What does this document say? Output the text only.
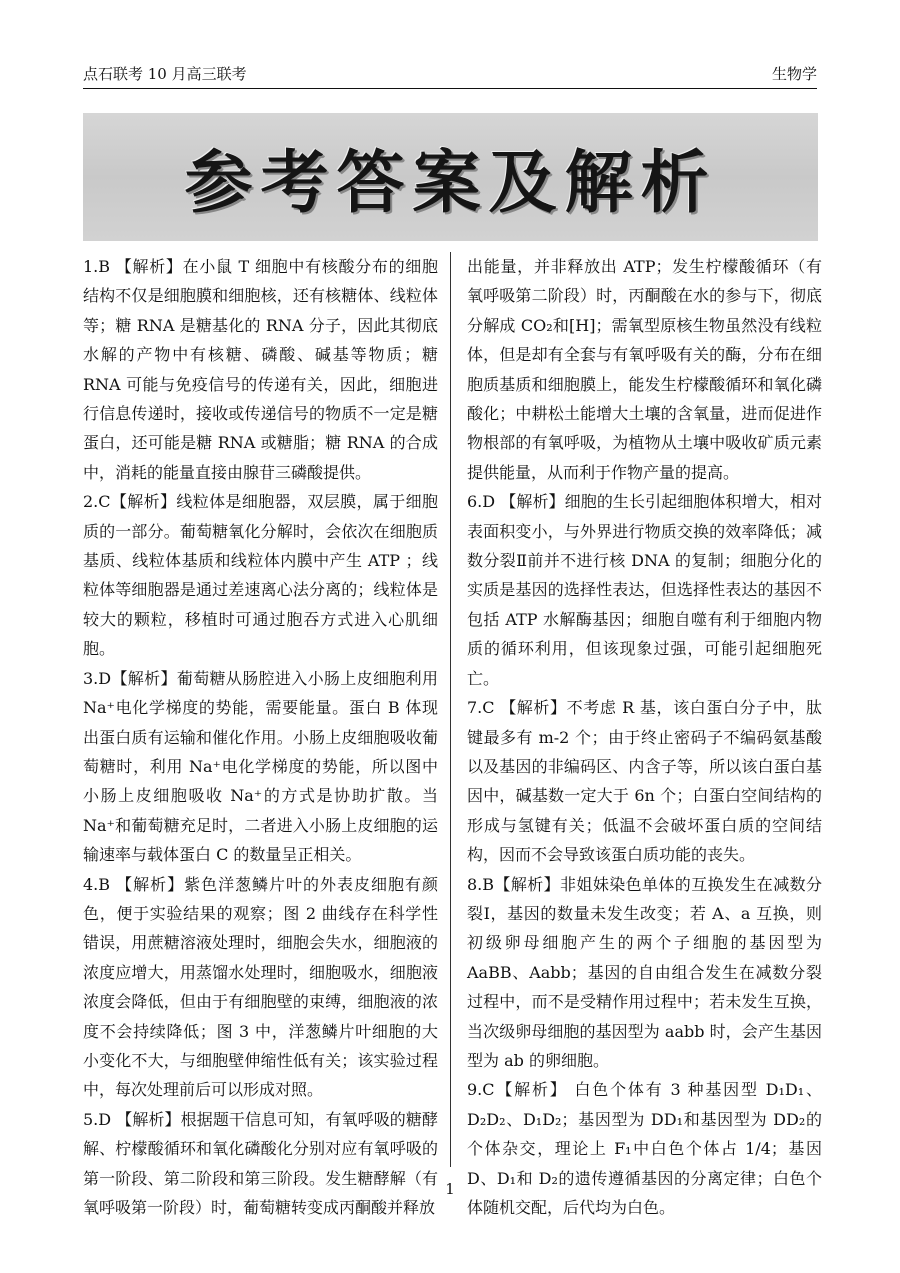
点石联考 10 月高三联考	生物学
参考答案及解析

1.B 【解析】在小鼠 T 细胞中有核酸分布的细胞结构不仅是细胞膜和细胞核，还有核糖体、线粒体等；糖 RNA 是糖基化的 RNA 分子，因此其彻底水解的产物中有核糖、磷酸、碱基等物质；糖 RNA 可能与免疫信号的传递有关，因此，细胞进行信息传递时，接收或传递信号的物质不一定是糖蛋白，还可能是糖 RNA 或糖脂；糖 RNA 的合成中，消耗的能量直接由腺苷三磷酸提供。

2.C【解析】线粒体是细胞器，双层膜，属于细胞质的一部分。葡萄糖氧化分解时，会依次在细胞质基质、线粒体基质和线粒体内膜中产生 ATP ；线粒体等细胞器是通过差速离心法分离的；线粒体是较大的颗粒，移植时可通过胞吞方式进入心肌细胞。

3.D【解析】葡萄糖从肠腔进入小肠上皮细胞利用 Na⁺电化学梯度的势能，需要能量。蛋白 B 体现出蛋白质有运输和催化作用。小肠上皮细胞吸收葡萄糖时，利用 Na⁺电化学梯度的势能，所以图中小肠上皮细胞吸收 Na⁺的方式是协助扩散。当 Na⁺和葡萄糖充足时，二者进入小肠上皮细胞的运输速率与载体蛋白 C 的数量呈正相关。

4.B 【解析】紫色洋葱鳞片叶的外表皮细胞有颜色，便于实验结果的观察；图 2 曲线存在科学性错误，用蔗糖溶液处理时，细胞会失水，细胞液的浓度应增大，用蒸馏水处理时，细胞吸水，细胞液浓度会降低，但由于有细胞壁的束缚，细胞液的浓度不会持续降低；图 3 中，洋葱鳞片叶细胞的大小变化不大，与细胞壁伸缩性低有关；该实验过程中，每次处理前后可以形成对照。

5.D 【解析】根据题干信息可知，有氧呼吸的糖酵解、柠檬酸循环和氧化磷酸化分别对应有氧呼吸的第一阶段、第二阶段和第三阶段。发生糖酵解（有氧呼吸第一阶段）时，葡萄糖转变成丙酮酸并释放

出能量，并非释放出 ATP；发生柠檬酸循环（有氧呼吸第二阶段）时，丙酮酸在水的参与下，彻底分解成 CO₂和[H]；需氧型原核生物虽然没有线粒体，但是却有全套与有氧呼吸有关的酶，分布在细胞质基质和细胞膜上，能发生柠檬酸循环和氧化磷酸化；中耕松土能增大土壤的含氧量，进而促进作物根部的有氧呼吸，为植物从土壤中吸收矿质元素提供能量，从而利于作物产量的提高。

6.D 【解析】细胞的生长引起细胞体积增大，相对表面积变小，与外界进行物质交换的效率降低；减数分裂Ⅱ前并不进行核 DNA 的复制；细胞分化的实质是基因的选择性表达，但选择性表达的基因不包括 ATP 水解酶基因；细胞自噬有利于细胞内物质的循环利用，但该现象过强，可能引起细胞死亡。

7.C 【解析】不考虑 R 基，该白蛋白分子中，肽键最多有 m-2 个；由于终止密码子不编码氨基酸以及基因的非编码区、内含子等，所以该白蛋白基因中，碱基数一定大于 6n 个；白蛋白空间结构的形成与氢键有关；低温不会破坏蛋白质的空间结构，因而不会导致该蛋白质功能的丧失。

8.B【解析】非姐妹染色单体的互换发生在减数分裂Ⅰ，基因的数量未发生改变；若 A、a 互换，则初级卵母细胞产生的两个子细胞的基因型为 AaBB、Aabb；基因的自由组合发生在减数分裂过程中，而不是受精作用过程中；若未发生互换，当次级卵母细胞的基因型为 aabb 时，会产生基因型为 ab 的卵细胞。

9.C【解析】 白色个体有 3 种基因型 D₁D₁、D₂D₂、D₁D₂；基因型为 DD₁和基因型为 DD₂的个体杂交，理论上 F₁中白色个体占 1/4；基因 D、D₁和 D₂的遗传遵循基因的分离定律；白色个体随机交配，后代均为白色。

1
